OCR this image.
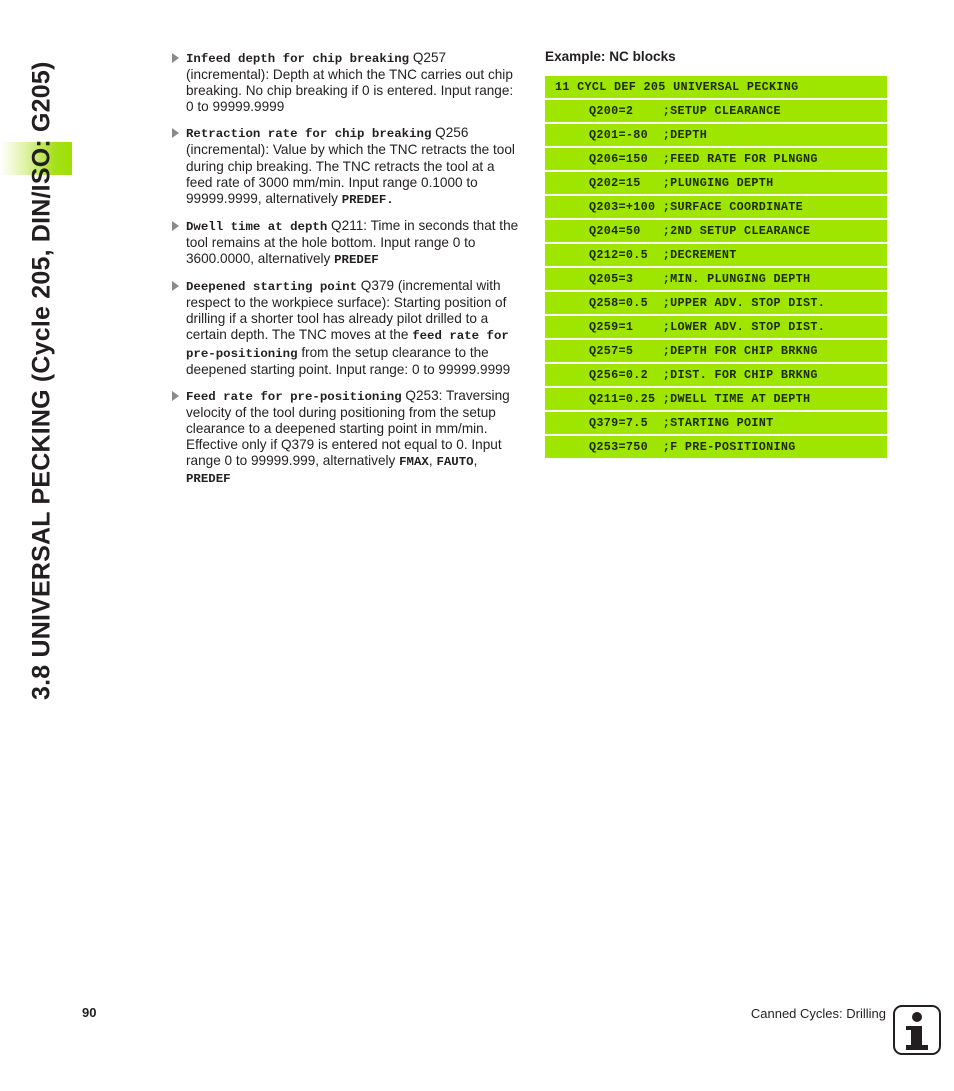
3.8 UNIVERSAL PECKING (Cycle 205, DIN/ISO: G205)
Infeed depth for chip breaking Q257 (incremental): Depth at which the TNC carries out chip breaking. No chip breaking if 0 is entered. Input range: 0 to 99999.9999
Retraction rate for chip breaking Q256 (incremental): Value by which the TNC retracts the tool during chip breaking. The TNC retracts the tool at a feed rate of 3000 mm/min. Input range 0.1000 to 99999.9999, alternatively PREDEF.
Dwell time at depth Q211: Time in seconds that the tool remains at the hole bottom. Input range 0 to 3600.0000, alternatively PREDEF
Deepened starting point Q379 (incremental with respect to the workpiece surface): Starting position of drilling if a shorter tool has already pilot drilled to a certain depth. The TNC moves at the feed rate for pre-positioning from the setup clearance to the deepened starting point. Input range: 0 to 99999.9999
Feed rate for pre-positioning Q253: Traversing velocity of the tool during positioning from the setup clearance to a deepened starting point in mm/min. Effective only if Q379 is entered not equal to 0. Input range 0 to 99999.999, alternatively FMAX, FAUTO, PREDEF
Example: NC blocks
11 CYCL DEF 205 UNIVERSAL PECKING
Q200=2    ;SETUP CLEARANCE
Q201=-80  ;DEPTH
Q206=150  ;FEED RATE FOR PLNGNG
Q202=15   ;PLUNGING DEPTH
Q203=+100 ;SURFACE COORDINATE
Q204=50   ;2ND SETUP CLEARANCE
Q212=0.5  ;DECREMENT
Q205=3    ;MIN. PLUNGING DEPTH
Q258=0.5  ;UPPER ADV. STOP DIST.
Q259=1    ;LOWER ADV. STOP DIST.
Q257=5    ;DEPTH FOR CHIP BRKNG
Q256=0.2  ;DIST. FOR CHIP BRKNG
Q211=0.25 ;DWELL TIME AT DEPTH
Q379=7.5  ;STARTING POINT
Q253=750  ;F PRE-POSITIONING
90	Canned Cycles: Drilling
